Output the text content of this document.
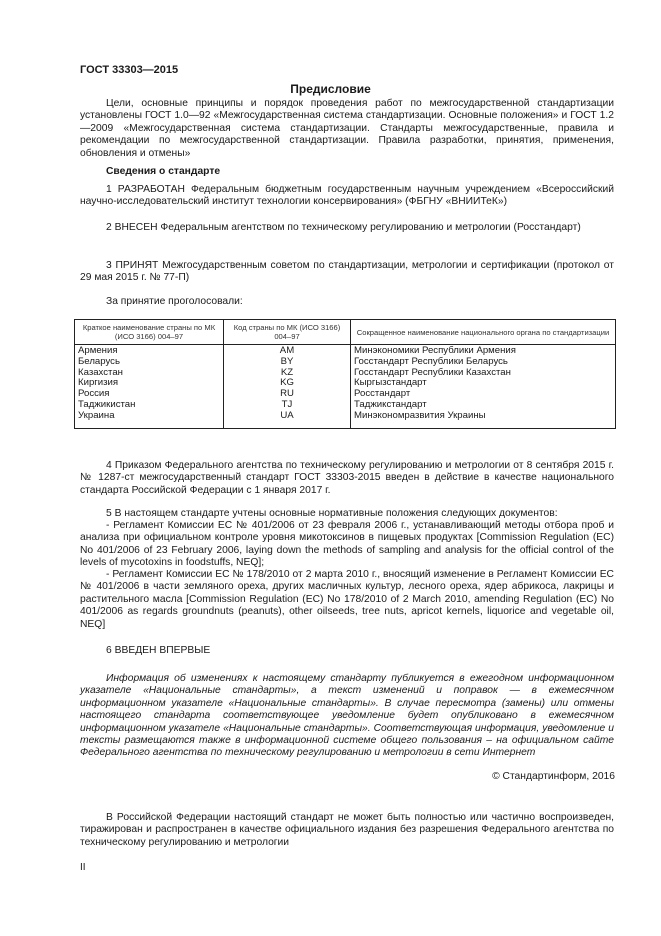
ГОСТ 33303—2015
Предисловие
Цели, основные принципы и порядок проведения работ по межгосударственной стандартизации установлены ГОСТ 1.0—92 «Межгосударственная система стандартизации. Основные положения» и ГОСТ 1.2—2009 «Межгосударственная система стандартизации. Стандарты межгосударственные, правила и рекомендации по межгосударственной стандартизации. Правила разработки, принятия, применения, обновления и отмены»
Сведения о стандарте
1 РАЗРАБОТАН Федеральным бюджетным государственным научным учреждением «Всероссийский научно-исследовательский институт технологии консервирования» (ФБГНУ «ВНИИТеК»)
2 ВНЕСЕН Федеральным агентством по техническому регулированию и метрологии (Росстандарт)
3 ПРИНЯТ Межгосударственным советом по стандартизации, метрологии и сертификации (протокол от 29 мая 2015 г. № 77-П)
За принятие проголосовали:
Краткое наименование страны по МК (ИСО 3166) 004–97	Код страны по МК (ИСО 3166) 004–97	Сокращенное наименование национального органа по стандартизации
Армения	AM	Минэкономики Республики Армения
Беларусь	BY	Госстандарт Республики Беларусь
Казахстан	KZ	Госстандарт Республики Казахстан
Киргизия	KG	Кыргызстандарт
Россия	RU	Росстандарт
Таджикистан	TJ	Таджикстандарт
Украина	UA	Минэкономразвития Украины
4 Приказом Федерального агентства по техническому регулированию и метрологии от 8 сентября 2015 г. № 1287-ст межгосударственный стандарт ГОСТ 33303-2015 введен в действие в качестве национального стандарта Российской Федерации с 1 января 2017 г.
5 В настоящем стандарте учтены основные нормативные положения следующих документов:
- Регламент Комиссии ЕС № 401/2006 от 23 февраля 2006 г., устанавливающий методы отбора проб и анализа при официальном контроле уровня микотоксинов в пищевых продуктах [Commission Regulation (EC) No 401/2006 of 23 February 2006, laying down the methods of sampling and analysis for the official control of the levels of mycotoxins in foodstuffs, NEQ];
- Регламент Комиссии ЕС № 178/2010 от 2 марта 2010 г., вносящий изменение в Регламент Комиссии ЕС № 401/2006 в части земляного ореха, других масличных культур, лесного ореха, ядер абрикоса, лакрицы и растительного масла [Commission Regulation (EC) No 178/2010 of 2 March 2010, amending Regulation (EC) No 401/2006 as regards groundnuts (peanuts), other oilseeds, tree nuts, apricot kernels, liquorice and vegetable oil, NEQ]
6 ВВЕДЕН ВПЕРВЫЕ
Информация об изменениях к настоящему стандарту публикуется в ежегодном информационном указателе «Национальные стандарты», а текст изменений и поправок — в ежемесячном информационном указателе «Национальные стандарты». В случае пересмотра (замены) или отмены настоящего стандарта соответствующее уведомление будет опубликовано в ежемесячном информационном указателе «Национальные стандарты». Соответствующая информация, уведомление и тексты размещаются также в информационной системе общего пользования – на официальном сайте Федерального агентства по техническому регулированию и метрологии в сети Интернет
© Стандартинформ, 2016
В Российской Федерации настоящий стандарт не может быть полностью или частично воспроизведен, тиражирован и распространен в качестве официального издания без разрешения Федерального агентства по техническому регулированию и метрологии
II
